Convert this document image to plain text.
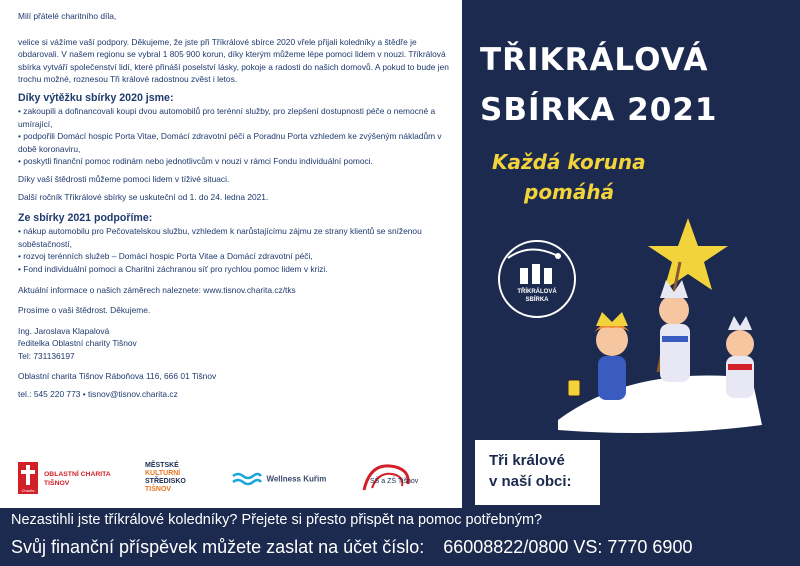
Milí přátelé charitního díla,

velice si vážíme vaší podpory. Děkujeme, že jste při Tříkrálové sbírce 2020 vřele přijali koledníky a štědře je obdarovali. V našem regionu se vybral 1 805 900 korun, díky kterým můžeme lépe pomoci lidem v nouzi. Tříkrálová sbírka vytváří společenství lidí, které přináší poselství lásky, pokoje a radosti do našich domovů. A pokud to bude jen trochu možné, roznesou Tři králové radostnou zvěst i letos.

Díky výtěžku sbírky 2020 jsme:

• zakoupili a dofinancovali koupi dvou automobilů pro terénní služby, pro zlepšení dostupnosti péče o nemocné a umírající,

• podpořili Domácí hospic Porta Vitae, Domácí zdravotní péči a Poradnu Porta vzhledem ke zvýšeným nákladům v době koronaviru,

• poskytli finanční pomoc rodinám nebo jednotlivcům v nouzi v rámci Fondu individuální pomoci.

Díky vaší štědrosti můžeme pomoci lidem v tíživé situaci.

Další ročník Tříkrálové sbírky se uskuteční od 1. do 24. ledna 2021.

Ze sbírky 2021 podpoříme:

• nákup automobilu pro Pečovatelskou službu, vzhledem k narůstajícímu zájmu ze strany klientů se sníženou soběstačností,

• rozvoj terénních služeb – Domácí hospic Porta Vitae a Domácí zdravotní péči,

• Fond individuální pomoci a Charitní záchranou síť pro rychlou pomoc lidem v krizi.

Aktuální informace o našich záměrech naleznete: www.tisnov.charita.cz/tks

Prosíme o vaši štědrost. Děkujeme.

Ing. Jaroslava Klapalová

ředitelka Oblastní charity Tišnov

Tel: 731136197

Oblastní charita Tišnov Ráboňova 116, 666 01 Tišnov

tel.: 545 220 773 • tisnov@tisnov.charita.cz

Charita
OBLASTNÍ CHARITA
TIŠNOV
MĚSTSKÉ
KULTURNÍ
STŘEDISKO
TIŠNOV
Wellness Kuřim	SŠ a ZŠ Tišnov
TŘIKRÁLOVÁ
SBÍRKA 2021
Každá koruna
pomáhá
TŘÍKRÁLOVÁ
SBÍRKA
Tři králové
v naší obci:
Nezastihli jste tříkrálové koledníky? Přejete si přesto přispět na pomoc potřebným?
Svůj finanční příspěvek můžete zaslat na účet číslo: 66008822/0800 VS: 7770 6900
